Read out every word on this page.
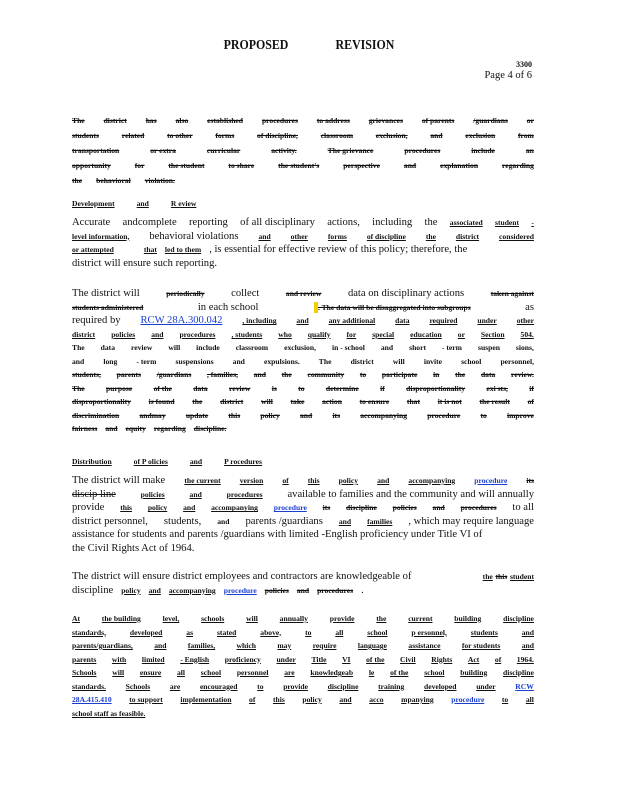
PROPOSED	REVISION
3300
Page 4 of 6
The district has also established procedures to address grievances of parents /guardians or
students	related	to other	forms	of discipline,	classroom	exclusion,	and	exclusion	from
transportation	or extra	curricular	activity.	The grievance	procedures	include	an
opportunity	for	the student	to share	the student's	perspective	and	explanation	regarding
the behavioral violation.
Development	and	R eview
Accurate andcomplete reporting of all disciplinary actions, including the associated student -
level information, behavioral violations	and	other	forms	of discipline	the	district	considered
or attempted	that led to them , is essential for effective review of this policy; therefore, the
district will ensure such reporting.
The district will	periodically	collect	and review	data on disciplinary actions	taken against
students administered	in each school	. The data will be disaggregated into subgroups	as
required by RCW 28A.300.042	, including	and	any additional	data	required	under	other
district policies and procedures , students who qualify for special education or Section 504.
The data review will include classroom exclusion, in - school and short - term suspen sions,
and	long	- term	suspensions	and	expulsions.	The	district	will	invite	school	personnel,
students, parents /guardians , families, and the community to participate in the data review.
The	purpose	of the	data	review	is	to	determine	if	disproportionality	exi sts,	if
disproportionality is found the district will take action to ensure that it is not the result of
discrimination	andmay	update	this	policy	and	its	accompanying	procedure	to	improve
fairness and equity regarding discipline.
Distribution	of P olicies	and	P rocedures
The district will make	the current	version	of	this	policy	and	accompanying	procedure	its
discip line	policies	and	procedures available to families and the community and will annually
provide this policy and accompanying procedure its discipline policies and procedures to all
district personnel, students, and parents /guardians and families , which may require language
assistance for students and parents /guardians with limited -English proficiency under Title VI of
the Civil Rights Act of 1964.
The district will ensure district employees and contractors are knowledgeable of	the this student
discipline policy and accompanying procedure policies and procedures .
At	the building	level,	schools	will	annually	provide	the	current	building	discipline
standards,	developed	as	stated	above,	to	all	school	p ersonnel,	students	and
parents/guardians,	and	families,	which	may	require	language	assistance	for students	and
parents with limited - English proficiency under Title VI of the Civil Rights Act of 1964.
Schools will ensure all school personnel are knowledgeab le of the school building discipline
standards.	Schools	are	encouraged	to	provide	discipline	training	developed	under	RCW
28A.415.410 to support implementation of this policy and acco mpanying procedure to all
school staff as feasible.
